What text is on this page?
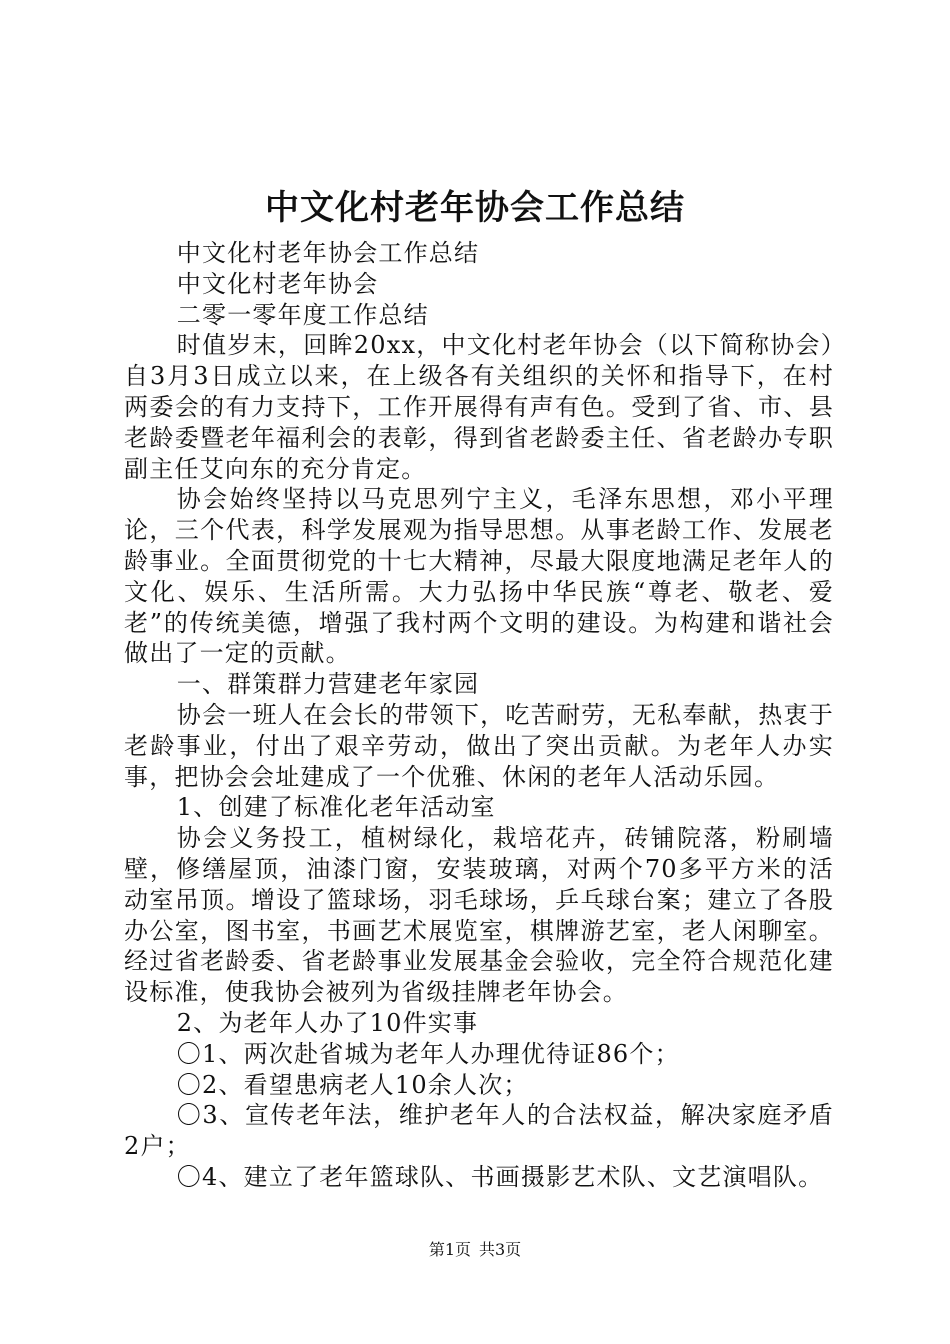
中文化村老年协会工作总结

中文化村老年协会工作总结

中文化村老年协会

二零一零年度工作总结

时值岁末，回眸20xx，中文化村老年协会（以下简称协会）自3月3日成立以来，在上级各有关组织的关怀和指导下，在村两委会的有力支持下，工作开展得有声有色。受到了省、市、县老龄委暨老年福利会的表彰，得到省老龄委主任、省老龄办专职副主任艾向东的充分肯定。

协会始终坚持以马克思列宁主义，毛泽东思想，邓小平理论，三个代表，科学发展观为指导思想。从事老龄工作、发展老龄事业。全面贯彻党的十七大精神，尽最大限度地满足老年人的文化、娱乐、生活所需。大力弘扬中华民族“尊老、敬老、爱老”的传统美德，增强了我村两个文明的建设。为构建和谐社会做出了一定的贡献。

一、群策群力营建老年家园

协会一班人在会长的带领下，吃苦耐劳，无私奉献，热衷于老龄事业，付出了艰辛劳动，做出了突出贡献。为老年人办实事，把协会会址建成了一个优雅、休闲的老年人活动乐园。

1、创建了标准化老年活动室

协会义务投工，植树绿化，栽培花卉，砖铺院落，粉刷墙壁，修缮屋顶，油漆门窗，安装玻璃，对两个70多平方米的活动室吊顶。增设了篮球场，羽毛球场，乒乓球台案；建立了各股办公室，图书室，书画艺术展览室，棋牌游艺室，老人闲聊室。经过省老龄委、省老龄事业发展基金会验收，完全符合规范化建设标准，使我协会被列为省级挂牌老年协会。

2、为老年人办了10件实事

〇1、两次赴省城为老年人办理优待证86个；

〇2、看望患病老人10余人次；

〇3、宣传老年法，维护老年人的合法权益，解决家庭矛盾2户；

〇4、建立了老年篮球队、书画摄影艺术队、文艺演唱队。

第1页 共3页
